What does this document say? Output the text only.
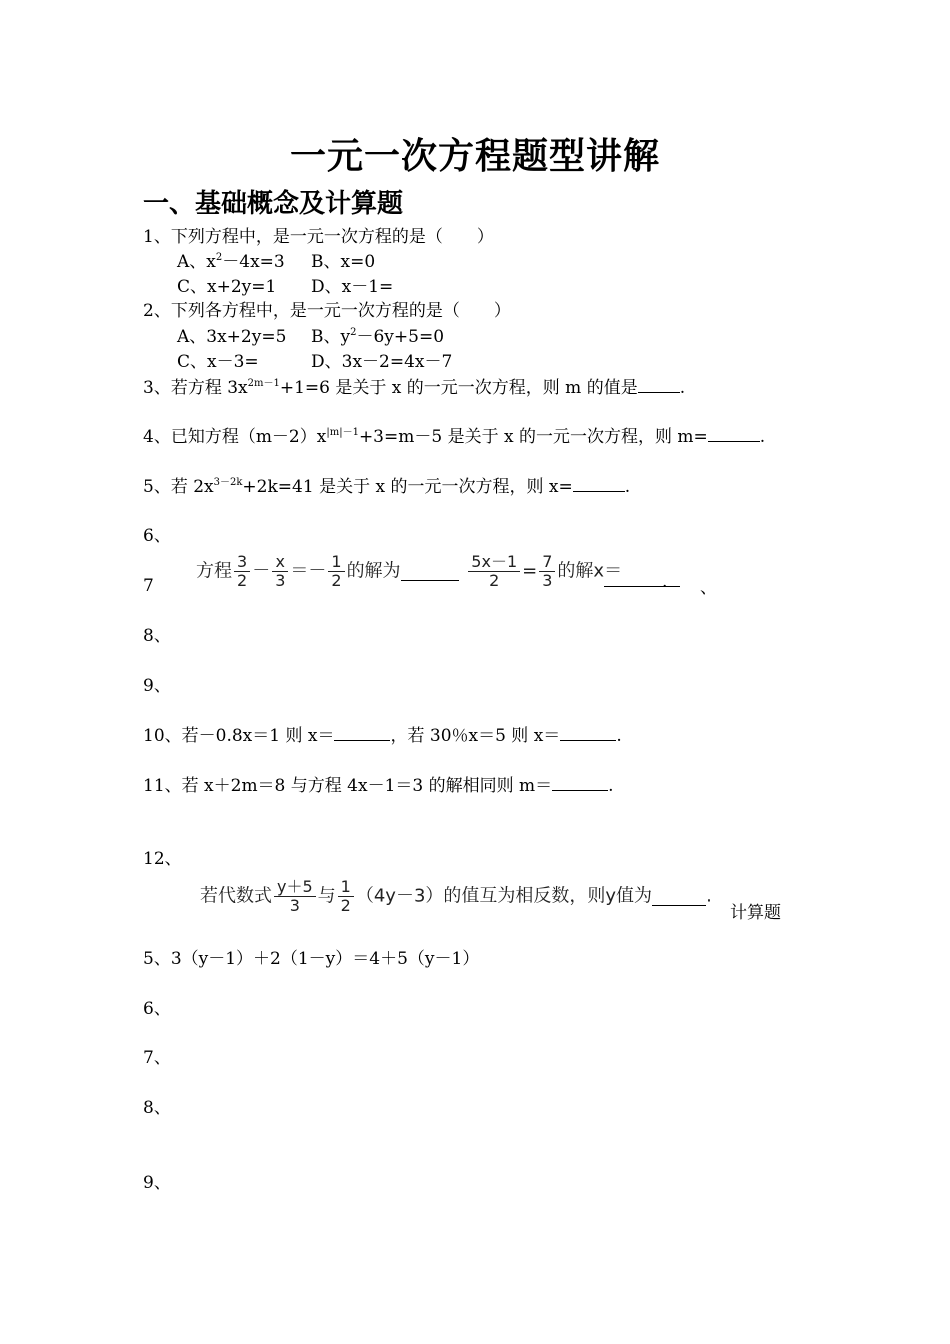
一元一次方程题型讲解
一、基础概念及计算题
1、下列方程中，是一元一次方程的是（　　）
A、$x^2-4x=3$ B、x=0
C、x+2y=1 D、x－1=
2、下列各方程中，是一元一次方程的是（　　）
A、3x+2y=5 B、$y^2-6y+5=0$
C、x－3=	D、3x－2=4x－7
3、若方程 $3x^{2m-1}+1=6$ 是关于 x 的一元一次方程，则 m 的值是 .
4、已知方程$(m-2)x^{|m|-1}+3=m-5$ 是关于 x 的一元一次方程，则 m=	.
5、若 $2x^{3-2k}+2k=41$ 是关于 x 的一元一次方程，则 x=	.
6、
7
方程 $\frac{3}{2} - \frac{x}{3} =- \frac{1}{2}$ 的解为	$\frac{5x-1}{2} = \frac{7}{3}$ 的解x＝
. 、
8、
9、
10、若－0.8x＝1 则 x＝	，若 30％x＝5 则 x＝	.
11、若 x＋2m＝8 与方程 4x－1＝3 的解相同则 m＝	.
12、
若代数式 $\frac{y+5}{3}$ 与 $\frac{1}{2} (4y-3)$的值互为相反数，则y值为	.
计算题
5、3（y－1）＋2（1－y）＝4＋5（y－1）
6、
7、
8、
9、
